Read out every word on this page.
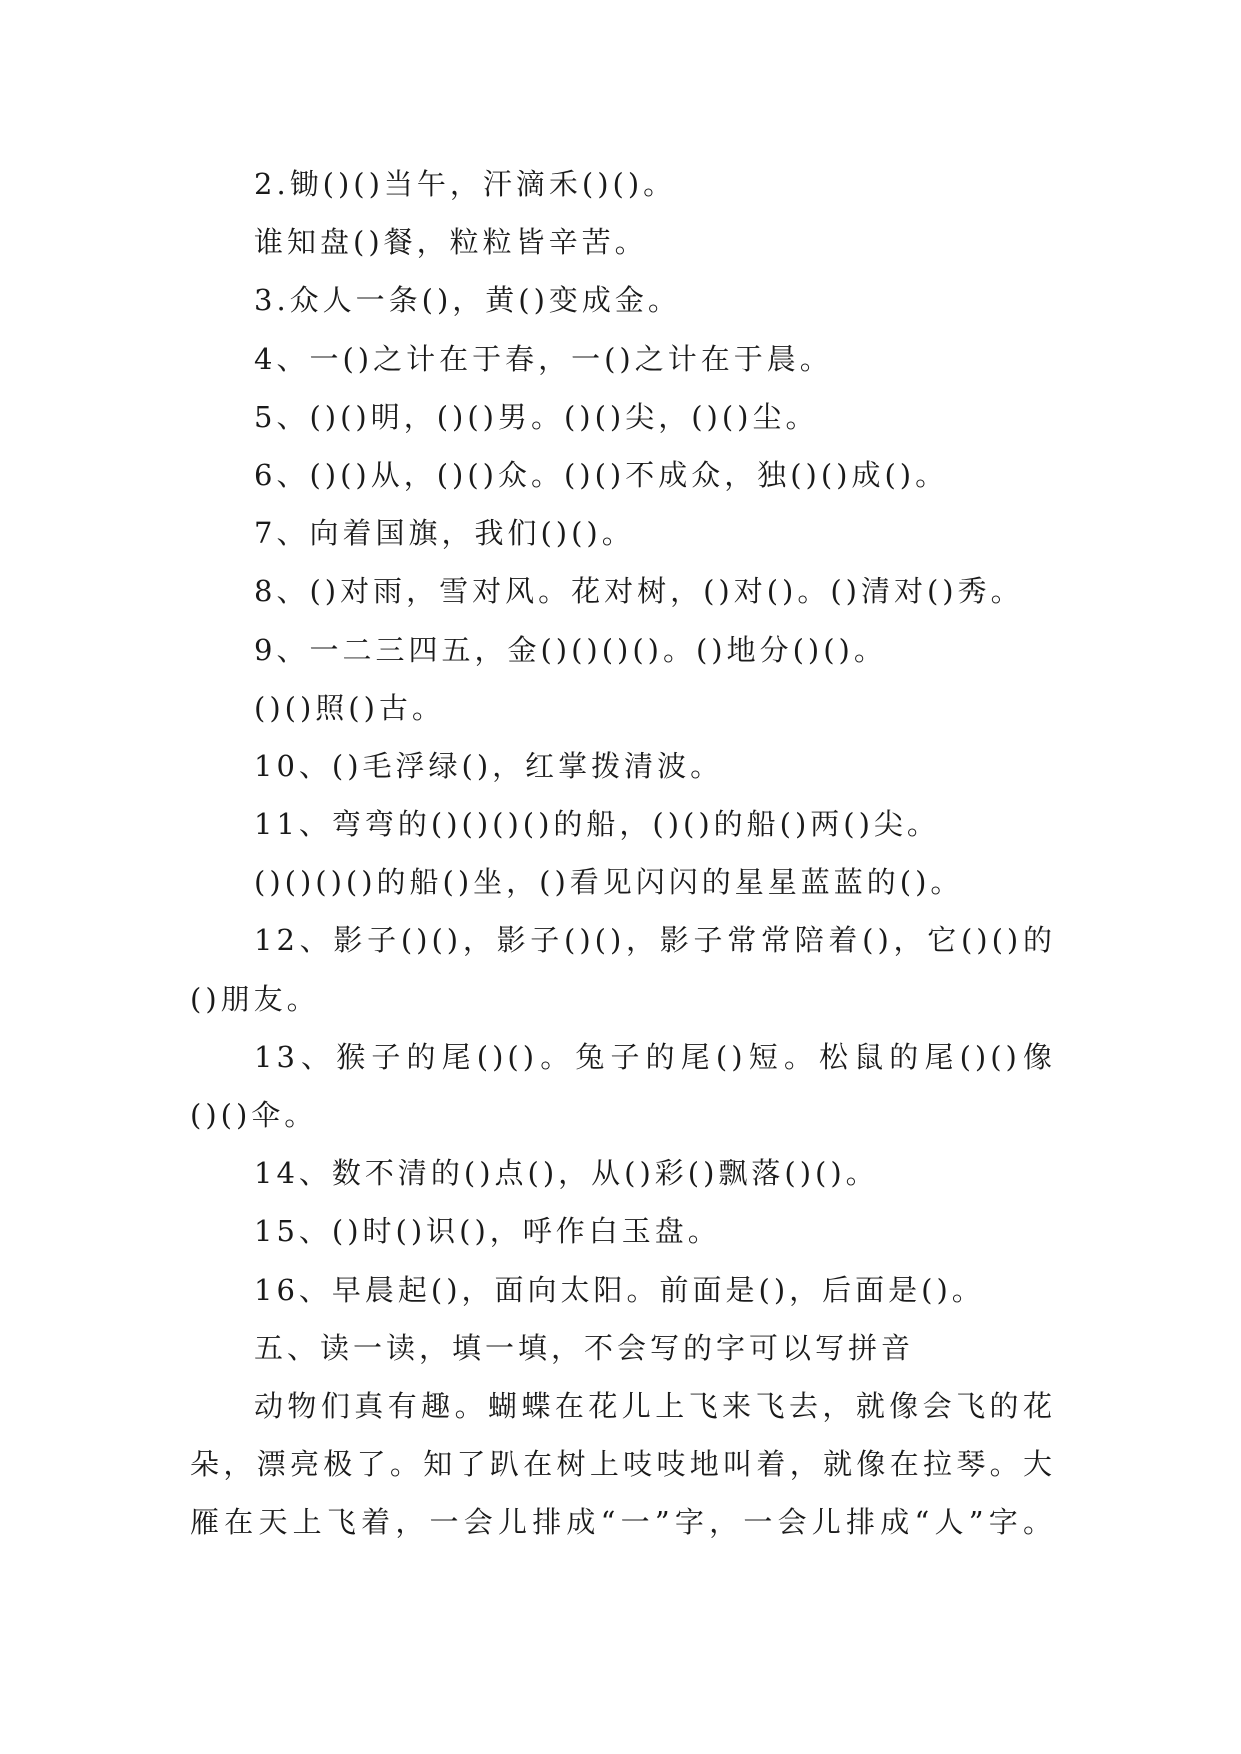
2.锄()()当午，汗滴禾()()。
谁知盘()餐，粒粒皆辛苦。
3.众人一条()，黄()变成金。
4、一()之计在于春，一()之计在于晨。
5、()()明，()()男。()()尖，()()尘。
6、()()从，()()众。()()不成众，独()()成()。
7、向着国旗，我们()()。
8、()对雨，雪对风。花对树，()对()。()清对()秀。
9、一二三四五，金()()()()。()地分()()。
()()照()古。
10、()毛浮绿()，红掌拨清波。
11、弯弯的()()()()的船，()()的船()两()尖。
()()()()的船()坐，()看见闪闪的星星蓝蓝的()。
12、影子()()，影子()()，影子常常陪着()，它()()的
()朋友。
13、猴子的尾()()。兔子的尾()短。松鼠的尾()()像
()()伞。
14、数不清的()点()，从()彩()飘落()()。
15、()时()识()，呼作白玉盘。
16、早晨起()，面向太阳。前面是()，后面是()。
五、读一读，填一填，不会写的字可以写拼音
动物们真有趣。蝴蝶在花儿上飞来飞去，就像会飞的花
朵，漂亮极了。知了趴在树上吱吱地叫着，就像在拉琴。大
雁在天上飞着，一会儿排成“一”字，一会儿排成“人”字。
